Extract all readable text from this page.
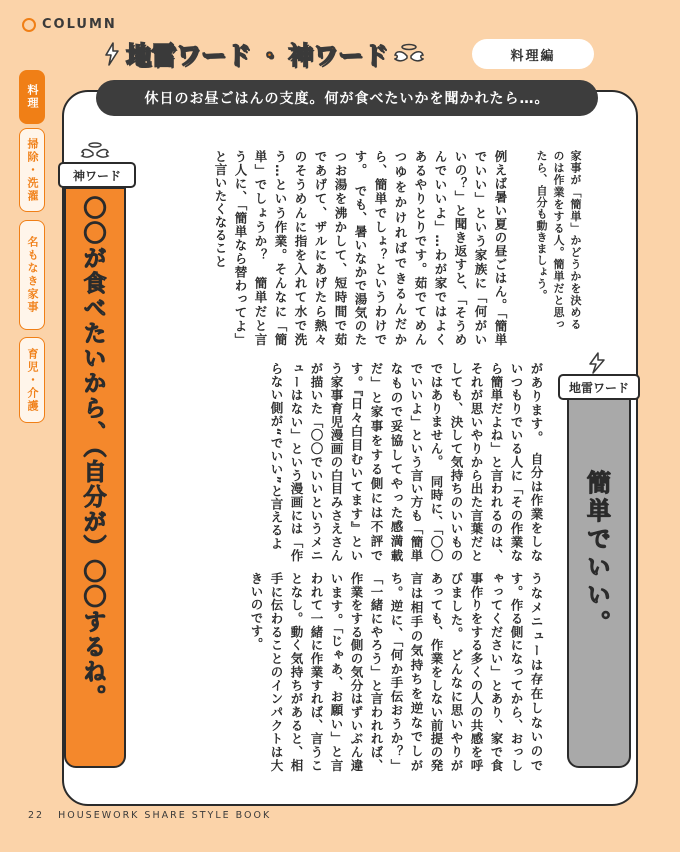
COLUMN
地雷ワード ・ 神ワード	料理編
料理
掃除・洗濯
名もなき家事
育児・介護
休日のお昼ごはんの支度。何が食べたいかを聞かれたら…。
〇〇が食べたいから、（自分が）〇〇するね。
神ワード
簡単でいい。
地雷ワード
家事が「簡単」かどうかを決めるのは作業をする人。簡単だと思ったら、自分も動きましょう。
例えば暑い夏の昼ごはん。「簡単でいい」という家族に「何がいいの？」と聞き返すと、「そうめんでいいよ」…わが家ではよくあるやりとりです。茹でてめんつゆをかければできるんだから、簡単でしょ？というわけです。　でも、暑いなかで湯気のたつお湯を沸かして、短時間で茹であげて、ザルにあげたら熱々のそうめんに指を入れて水で洗う…という作業。そんなに「簡単」でしょうか？　簡単だと言う人に、「簡単なら替わってよ」と言いたくなること
があります。　自分は作業をしないつもりでいる人に「その作業なら簡単だよね」と言われるのは、それが思いやりから出た言葉だとしても、決して気持ちのいいものではありません。　同時に、「〇〇でいいよ」という言い方も「簡単なもので妥協してやった感満載だ」と家事をする側には不評です。『日々白目むいてます』という家事育児漫画の白目みさえさんが描いた「〇〇でいいというメニューはない」という漫画には「作らない側が“でいい”と言えるよ
うなメニューは存在しないのです。作る側になってから、おっしゃってください」とあり、家で食事作りをする多くの人の共感を呼びました。　どんなに思いやりがあっても、作業をしない前提の発言は相手の気持ちを逆なでしがち。逆に、「何か手伝おうか？」「一緒にやろう」と言われれば、作業をする側の気分はずいぶん違います。「じゃあ、お願い」と言われて一緒に作業すれば、言うことなし。動く気持ちがあると、相手に伝わることのインパクトは大きいのです。
22 HOUSEWORK SHARE STYLE BOOK
